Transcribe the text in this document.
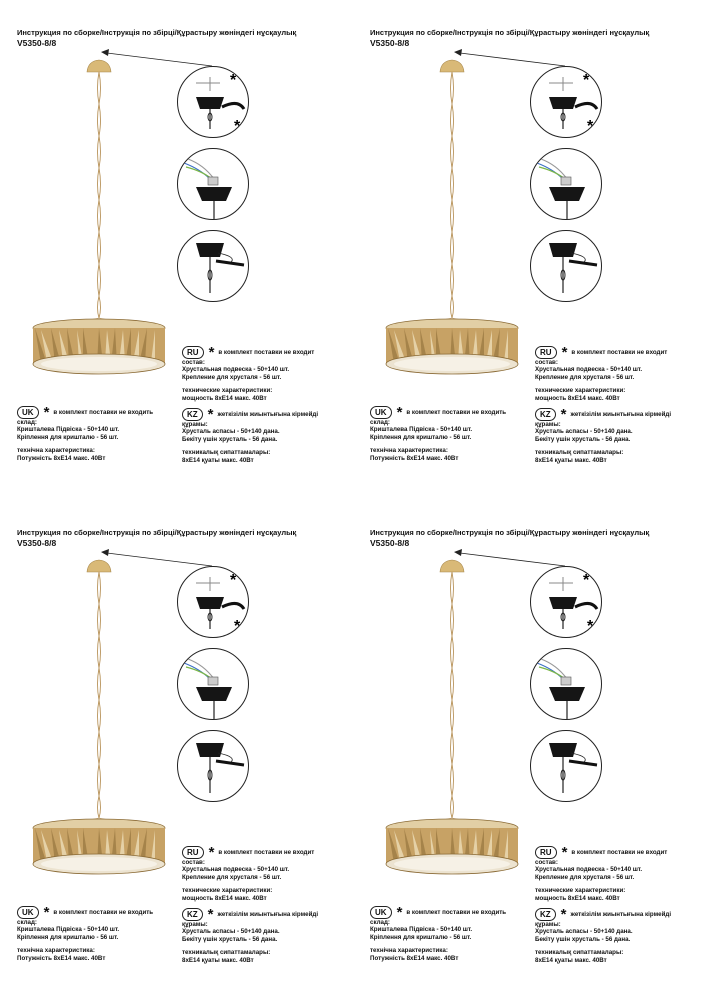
Инструкция по сборке/Інструкція по збірці/Құрастыру жөніндегі нұсқаулық
V5350-8/8
*
*
RU * в комплект поставки не входит
состав:
Хрустальная подвеска - 50+140 шт.
Крепление для хрусталя - 56 шт.
технические характеристики:
мощность 8хЕ14 макс. 40Вт
UK * в комплект поставки не входить
склад:
Кришталева Підвіска - 50+140 шт.
Кріплення для кришталю - 56 шт.
технічна характеристика:
Потужність 8хЕ14 макс. 40Вт
KZ * жеткізілім жиынтығына кірмейді
құрамы:
Хрусталь аспасы - 50+140 дана.
Бекіту үшін хрусталь - 56 дана.
техникалық сипаттамалары:
8хЕ14 қуаты макс. 40Вт
Инструкция по сборке/Інструкція по збірці/Құрастыру жөніндегі нұсқаулық
V5350-8/8
*
*
RU * в комплект поставки не входит
состав:
Хрустальная подвеска - 50+140 шт.
Крепление для хрусталя - 56 шт.
технические характеристики:
мощность 8хЕ14 макс. 40Вт
UK * в комплект поставки не входить
склад:
Кришталева Підвіска - 50+140 шт.
Кріплення для кришталю - 56 шт.
технічна характеристика:
Потужність 8хЕ14 макс. 40Вт
KZ * жеткізілім жиынтығына кірмейді
құрамы:
Хрусталь аспасы - 50+140 дана.
Бекіту үшін хрусталь - 56 дана.
техникалық сипаттамалары:
8хЕ14 қуаты макс. 40Вт
Инструкция по сборке/Інструкція по збірці/Құрастыру жөніндегі нұсқаулық
V5350-8/8
*
*
RU * в комплект поставки не входит
состав:
Хрустальная подвеска - 50+140 шт.
Крепление для хрусталя - 56 шт.
технические характеристики:
мощность 8хЕ14 макс. 40Вт
UK * в комплект поставки не входить
склад:
Кришталева Підвіска - 50+140 шт.
Кріплення для кришталю - 56 шт.
технічна характеристика:
Потужність 8хЕ14 макс. 40Вт
KZ * жеткізілім жиынтығына кірмейді
құрамы:
Хрусталь аспасы - 50+140 дана.
Бекіту үшін хрусталь - 56 дана.
техникалық сипаттамалары:
8хЕ14 қуаты макс. 40Вт
Инструкция по сборке/Інструкція по збірці/Құрастыру жөніндегі нұсқаулық
V5350-8/8
*
*
RU * в комплект поставки не входит
состав:
Хрустальная подвеска - 50+140 шт.
Крепление для хрусталя - 56 шт.
технические характеристики:
мощность 8хЕ14 макс. 40Вт
UK * в комплект поставки не входить
склад:
Кришталева Підвіска - 50+140 шт.
Кріплення для кришталю - 56 шт.
технічна характеристика:
Потужність 8хЕ14 макс. 40Вт
KZ * жеткізілім жиынтығына кірмейді
құрамы:
Хрусталь аспасы - 50+140 дана.
Бекіту үшін хрусталь - 56 дана.
техникалық сипаттамалары:
8хЕ14 қуаты макс. 40Вт
